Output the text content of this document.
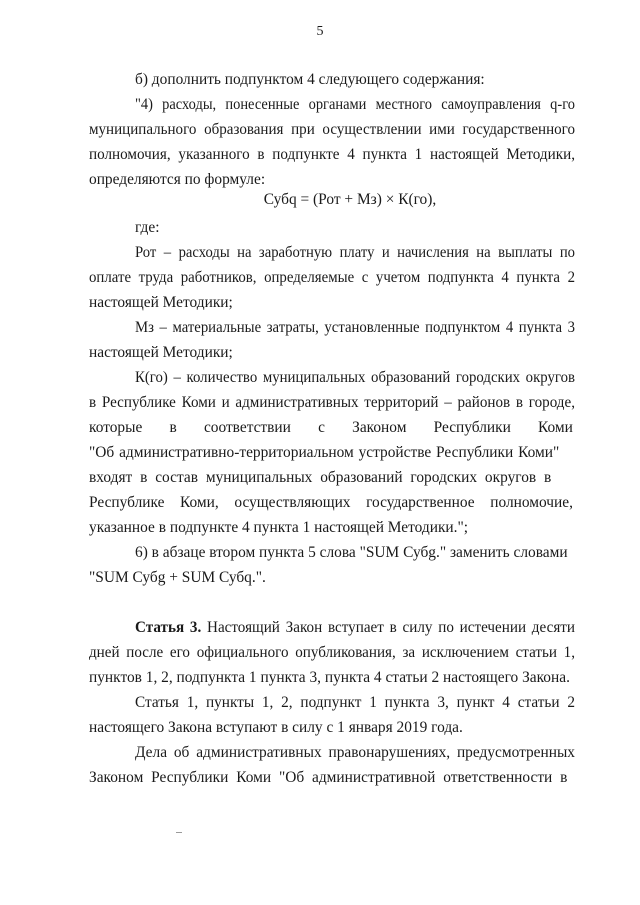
5
б) дополнить подпунктом 4 следующего содержания:
"4) расходы, понесенные органами местного самоуправления q-го
муниципального образования при осуществлении ими государственного
полномочия, указанного в подпункте 4 пункта 1 настоящей Методики,
определяются по формуле:
Субq = (Рот + Мз) × К(го),
где:
Рот – расходы на заработную плату и начисления на выплаты по
оплате труда работников, определяемые с учетом подпункта 4 пункта 2
настоящей Методики;
Мз – материальные затраты, установленные подпунктом 4 пункта 3
настоящей Методики;
К(го) – количество муниципальных образований городских округов
в Республике Коми и административных территорий – районов в городе,
которые в соответствии с Законом Республики Коми
"Об административно-территориальном устройстве Республики Коми"
входят в состав муниципальных образований городских округов в
Республике Коми, осуществляющих государственное полномочие,
указанное в подпункте 4 пункта 1 настоящей Методики.";
6) в абзаце втором пункта 5 слова "SUM Субg." заменить словами
"SUM Субg + SUM Субq.".
Статья 3. Настоящий Закон вступает в силу по истечении десяти
дней после его официального опубликования, за исключением статьи 1,
пунктов 1, 2, подпункта 1 пункта 3, пункта 4 статьи 2 настоящего Закона.
Статья 1, пункты 1, 2, подпункт 1 пункта 3, пункт 4 статьи 2
настоящего Закона вступают в силу с 1 января 2019 года.
Дела об административных правонарушениях, предусмотренных
Законом Республики Коми "Об административной ответственности в
